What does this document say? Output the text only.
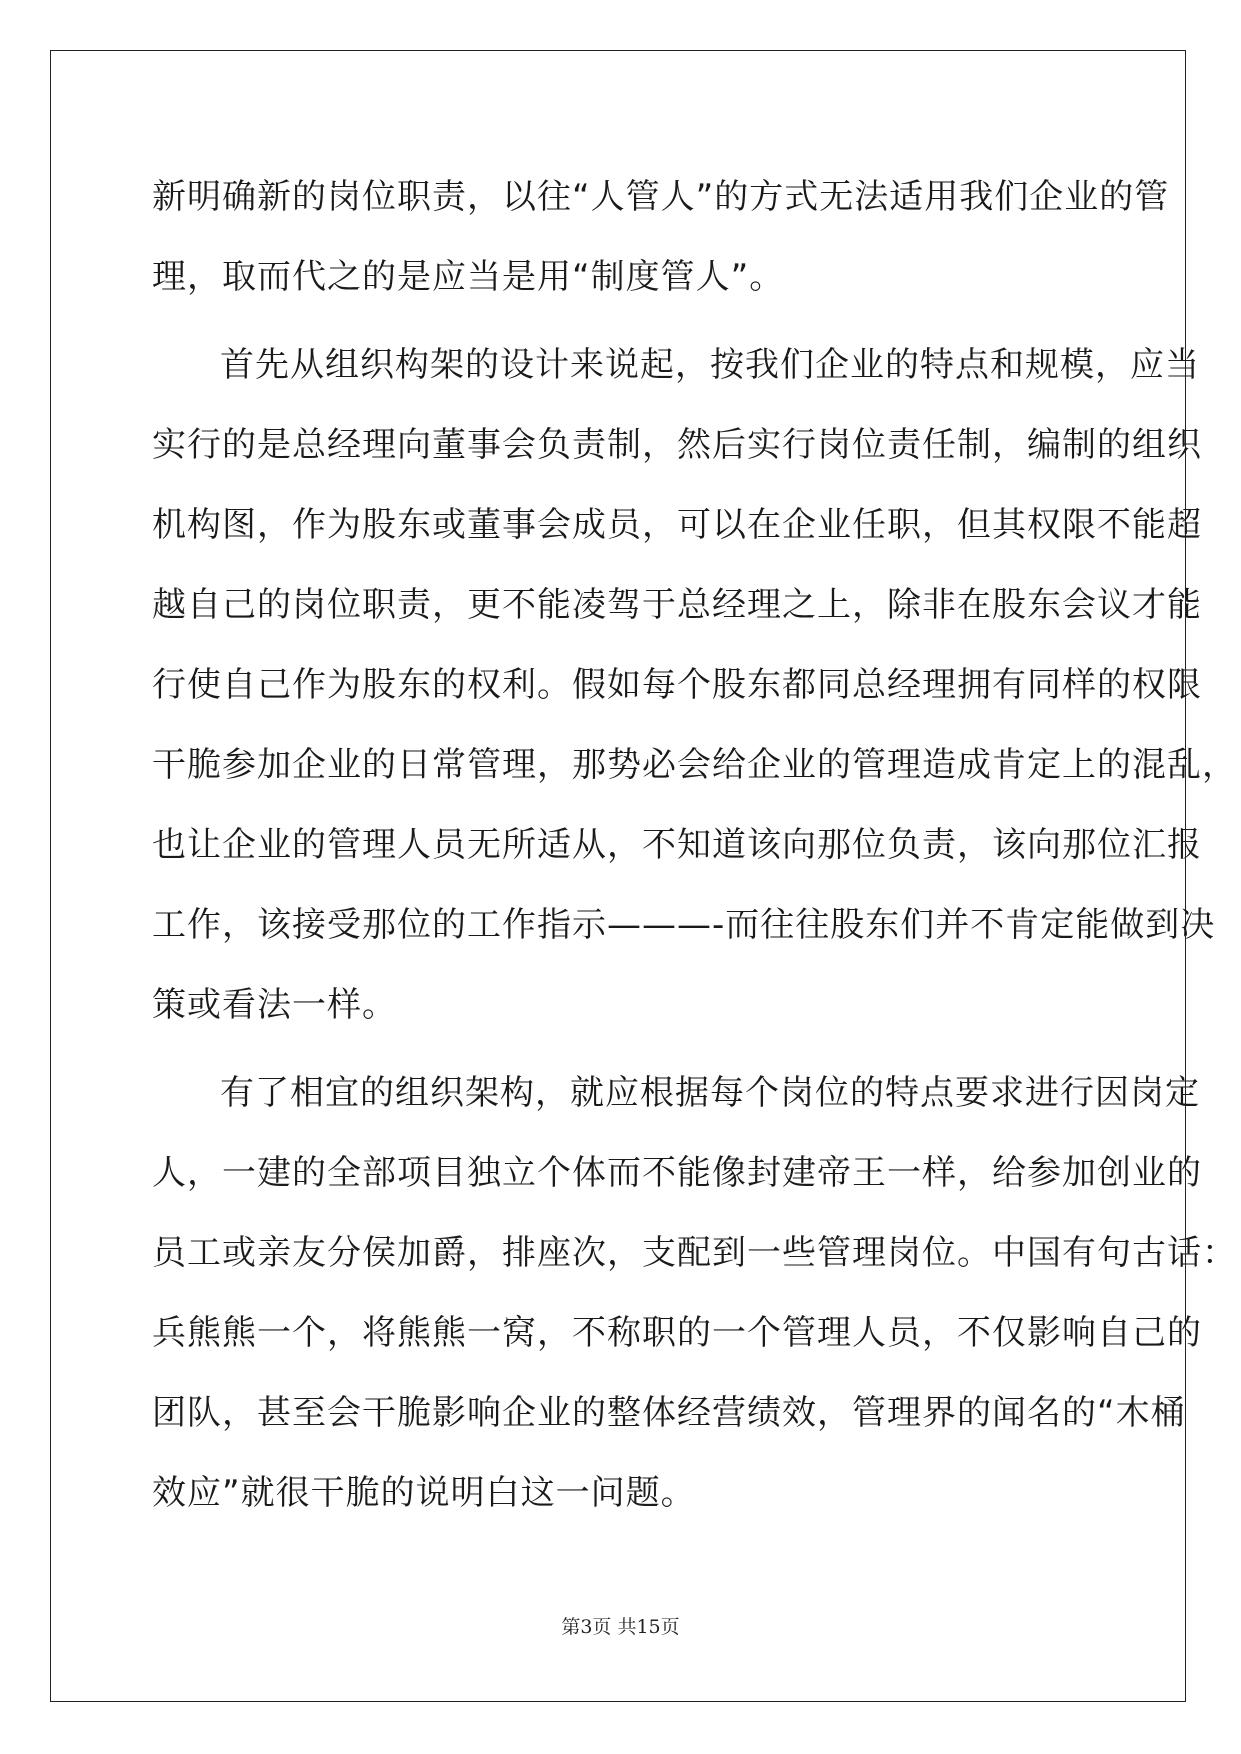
新明确新的岗位职责，以往“人管人”的方式无法适用我们企业的管
理，取而代之的是应当是用“制度管人”。
首先从组织构架的设计来说起，按我们企业的特点和规模，应当
实行的是总经理向董事会负责制，然后实行岗位责任制，编制的组织
机构图，作为股东或董事会成员，可以在企业任职，但其权限不能超
越自己的岗位职责，更不能凌驾于总经理之上，除非在股东会议才能
行使自己作为股东的权利。假如每个股东都同总经理拥有同样的权限
干脆参加企业的日常管理，那势必会给企业的管理造成肯定上的混乱，
也让企业的管理人员无所适从，不知道该向那位负责，该向那位汇报
工作，该接受那位的工作指示———-而往往股东们并不肯定能做到决
策或看法一样。
有了相宜的组织架构，就应根据每个岗位的特点要求进行因岗定
人，一建的全部项目独立个体而不能像封建帝王一样，给参加创业的
员工或亲友分侯加爵，排座次，支配到一些管理岗位。中国有句古话：
兵熊熊一个，将熊熊一窝，不称职的一个管理人员，不仅影响自己的
团队，甚至会干脆影响企业的整体经营绩效，管理界的闻名的“木桶
效应”就很干脆的说明白这一问题。
第3页 共15页
